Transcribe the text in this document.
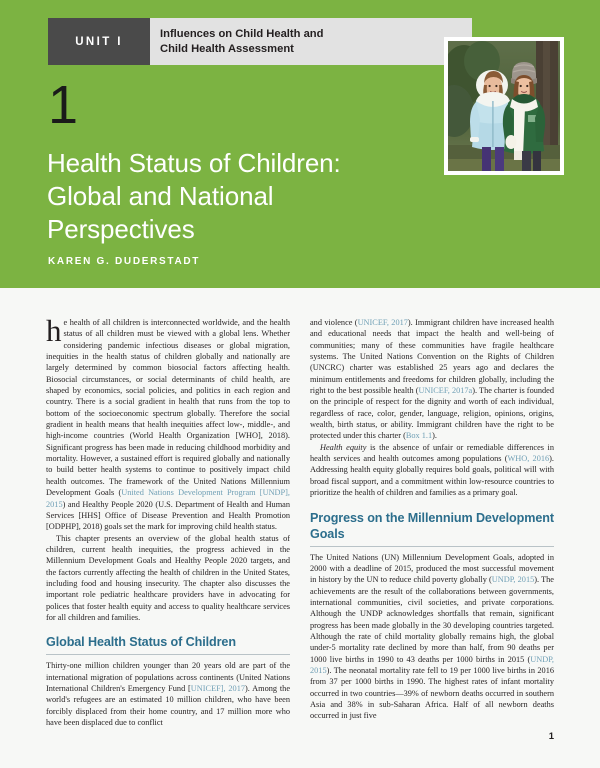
UNIT I
Influences on Child Health and
Child Health Assessment
1
Health Status of Children:
Global and National
Perspectives
KAREN G. DUDERSTADT

he health of all children is interconnected worldwide, and the health status of all children must be viewed with a global lens. Whether considering pandemic infectious diseases or global migration, inequities in the health status of children globally and nationally are largely determined by common biosocial factors affecting health. Biosocial circumstances, or social determinants of child health, are shaped by economics, social policies, and politics in each region and country. There is a social gradient in health that runs from the top to bottom of the socioeconomic spectrum globally. Therefore the social gradient in health means that health inequities affect low-, middle-, and high-income countries (World Health Organization [WHO], 2018). Significant progress has been made in reducing childhood morbidity and mortality. However, a sustained effort is required globally and nationally to build better health systems to continue to positively impact child health outcomes. The framework of the United Nations Millennium Development Goals (United Nations Development Program [UNDP], 2015) and Healthy People 2020 (U.S. Department of Health and Human Services [HHS] Office of Disease Prevention and Health Promotion [ODPHP], 2018) goals set the mark for improving child health status.

This chapter presents an overview of the global health status of children, current health inequities, the progress achieved in the Millennium Development Goals and Healthy People 2020 targets, and the factors currently affecting the health of children in the United States, including food and housing insecurity. The chapter also discusses the important role pediatric healthcare providers have in advocating for polices that foster health equity and access to quality healthcare services for all children and families.

Global Health Status of Children

Thirty-one million children younger than 20 years old are part of the international migration of populations across continents (United Nations International Children's Emergency Fund [UNICEF], 2017). Among the world's refugees are an estimated 10 million children, who have been forcibly displaced from their home country, and 17 million more who have been displaced due to conflict

and violence (UNICEF, 2017). Immigrant children have increased health and educational needs that impact the health and well-being of communities; many of these communities have fragile healthcare systems. The United Nations Convention on the Rights of Children (UNCRC) charter was established 25 years ago and declares the minimum entitlements and freedoms for children globally, including the right to the best possible health (UNICEF, 2017a). The charter is founded on the principle of respect for the dignity and worth of each individual, regardless of race, color, gender, language, religion, opinions, origins, wealth, birth status, or ability. Immigrant children have the right to be protected under this charter (Box 1.1).

Health equity is the absence of unfair or remediable differences in health services and health outcomes among populations (WHO, 2016). Addressing health equity globally requires bold goals, political will with broad fiscal support, and a commitment within low-resource countries to prioritize the health of children and families as a primary goal.

Progress on the Millennium Development Goals

The United Nations (UN) Millennium Development Goals, adopted in 2000 with a deadline of 2015, produced the most successful movement in history by the UN to reduce child poverty globally (UNDP, 2015). The achievements are the result of the collaborations between governments, international communities, civil societies, and private corporations. Although the UNDP acknowledges shortfalls that remain, significant progress has been made globally in the 30 developing countries targeted. Although the rate of child mortality globally remains high, the global under-5 mortality rate declined by more than half, from 90 deaths per 1000 live births in 1990 to 43 deaths per 1000 births in 2015 (UNDP, 2015). The neonatal mortality rate fell to 19 per 1000 live births in 2016 from 37 per 1000 births in 1990. The highest rates of infant mortality occurred in two countries—39% of newborn deaths occurred in southern Asia and 38% in sub-Saharan Africa. Half of all newborn deaths occurred in just five

1
